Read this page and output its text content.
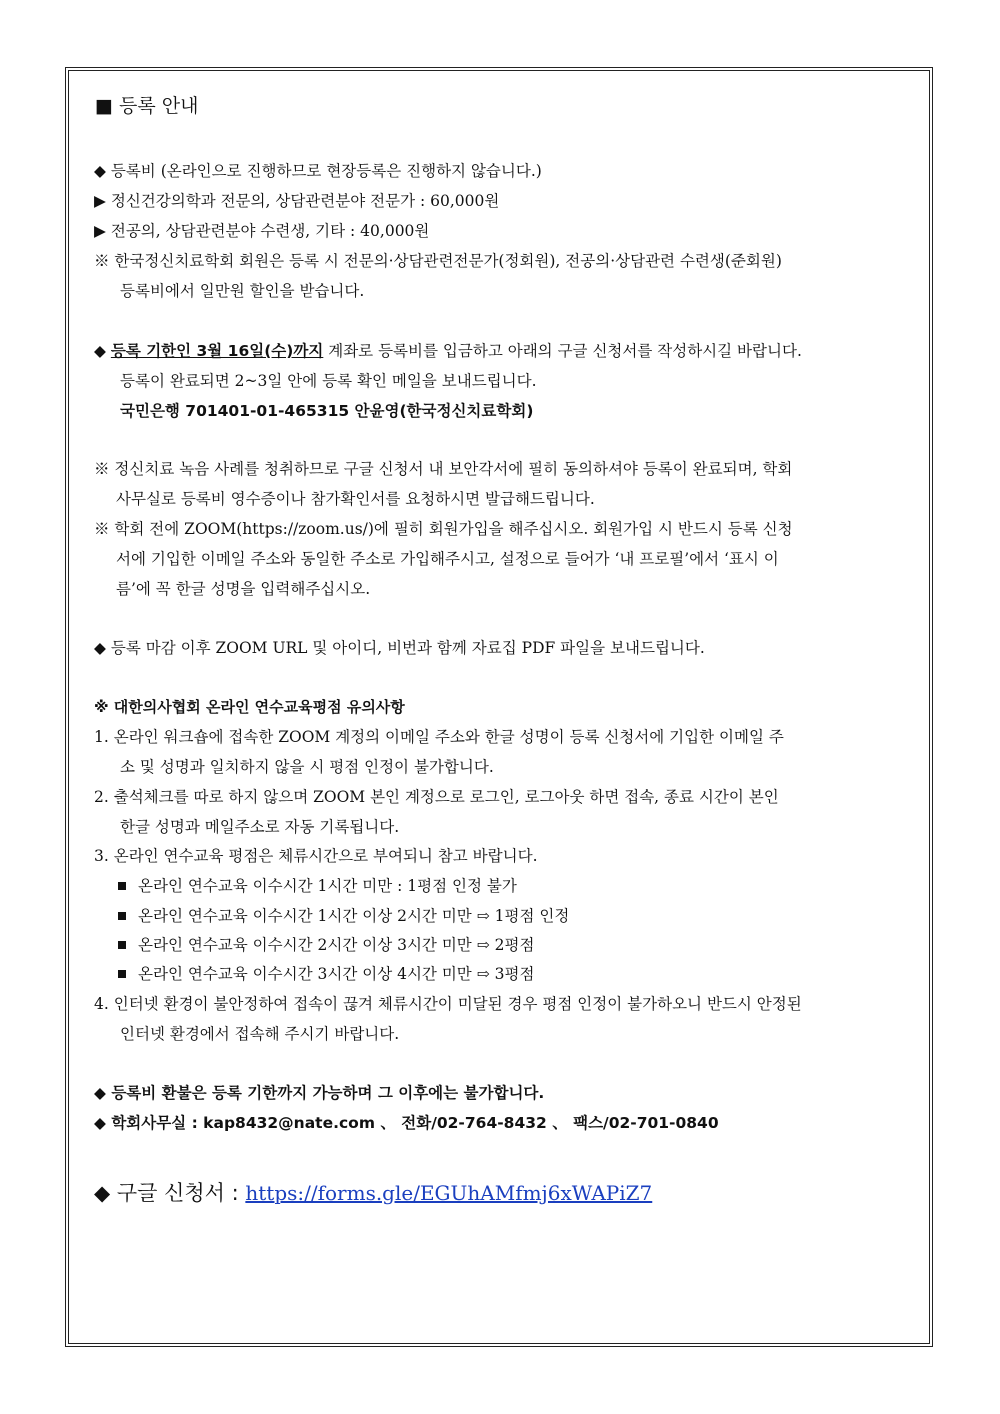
■ 등록 안내
◆ 등록비 (온라인으로 진행하므로 현장등록은 진행하지 않습니다.)
▶ 정신건강의학과 전문의, 상담관련분야 전문가 : 60,000원
▶ 전공의, 상담관련분야 수련생, 기타 : 40,000원
※ 한국정신치료학회 회원은 등록 시 전문의·상담관련전문가(정회원), 전공의·상담관련 수련생(준회원)
등록비에서 일만원 할인을 받습니다.
◆ 등록 기한인 3월 16일(수)까지 계좌로 등록비를 입금하고 아래의 구글 신청서를 작성하시길 바랍니다.
등록이 완료되면 2~3일 안에 등록 확인 메일을 보내드립니다.
국민은행 701401-01-465315 안윤영(한국정신치료학회)
※ 정신치료 녹음 사례를 청취하므로 구글 신청서 내 보안각서에 필히 동의하셔야 등록이 완료되며, 학회
사무실로 등록비 영수증이나 참가확인서를 요청하시면 발급해드립니다.
※ 학회 전에 ZOOM(https://zoom.us/)에 필히 회원가입을 해주십시오. 회원가입 시 반드시 등록 신청
서에 기입한 이메일 주소와 동일한 주소로 가입해주시고, 설정으로 들어가 ‘내 프로필’에서 ‘표시 이
름’에 꼭 한글 성명을 입력해주십시오.
◆ 등록 마감 이후 ZOOM URL 및 아이디, 비번과 함께 자료집 PDF 파일을 보내드립니다.
※ 대한의사협회 온라인 연수교육평점 유의사항
1. 온라인 워크숍에 접속한 ZOOM 계정의 이메일 주소와 한글 성명이 등록 신청서에 기입한 이메일 주
소 및 성명과 일치하지 않을 시 평점 인정이 불가합니다.
2. 출석체크를 따로 하지 않으며 ZOOM 본인 계정으로 로그인, 로그아웃 하면 접속, 종료 시간이 본인
한글 성명과 메일주소로 자동 기록됩니다.
3. 온라인 연수교육 평점은 체류시간으로 부여되니 참고 바랍니다.
온라인 연수교육 이수시간 1시간 미만 : 1평점 인정 불가
온라인 연수교육 이수시간 1시간 이상 2시간 미만 ⇨ 1평점 인정
온라인 연수교육 이수시간 2시간 이상 3시간 미만 ⇨ 2평점
온라인 연수교육 이수시간 3시간 이상 4시간 미만 ⇨ 3평점
4. 인터넷 환경이 불안정하여 접속이 끊겨 체류시간이 미달된 경우 평점 인정이 불가하오니 반드시 안정된
인터넷 환경에서 접속해 주시기 바랍니다.
◆ 등록비 환불은 등록 기한까지 가능하며 그 이후에는 불가합니다.
◆ 학회사무실 : kap8432@nate.com 、 전화/02-764-8432 、 팩스/02-701-0840
◆ 구글 신청서 : https://forms.gle/EGUhAMfmj6xWAPiZ7
